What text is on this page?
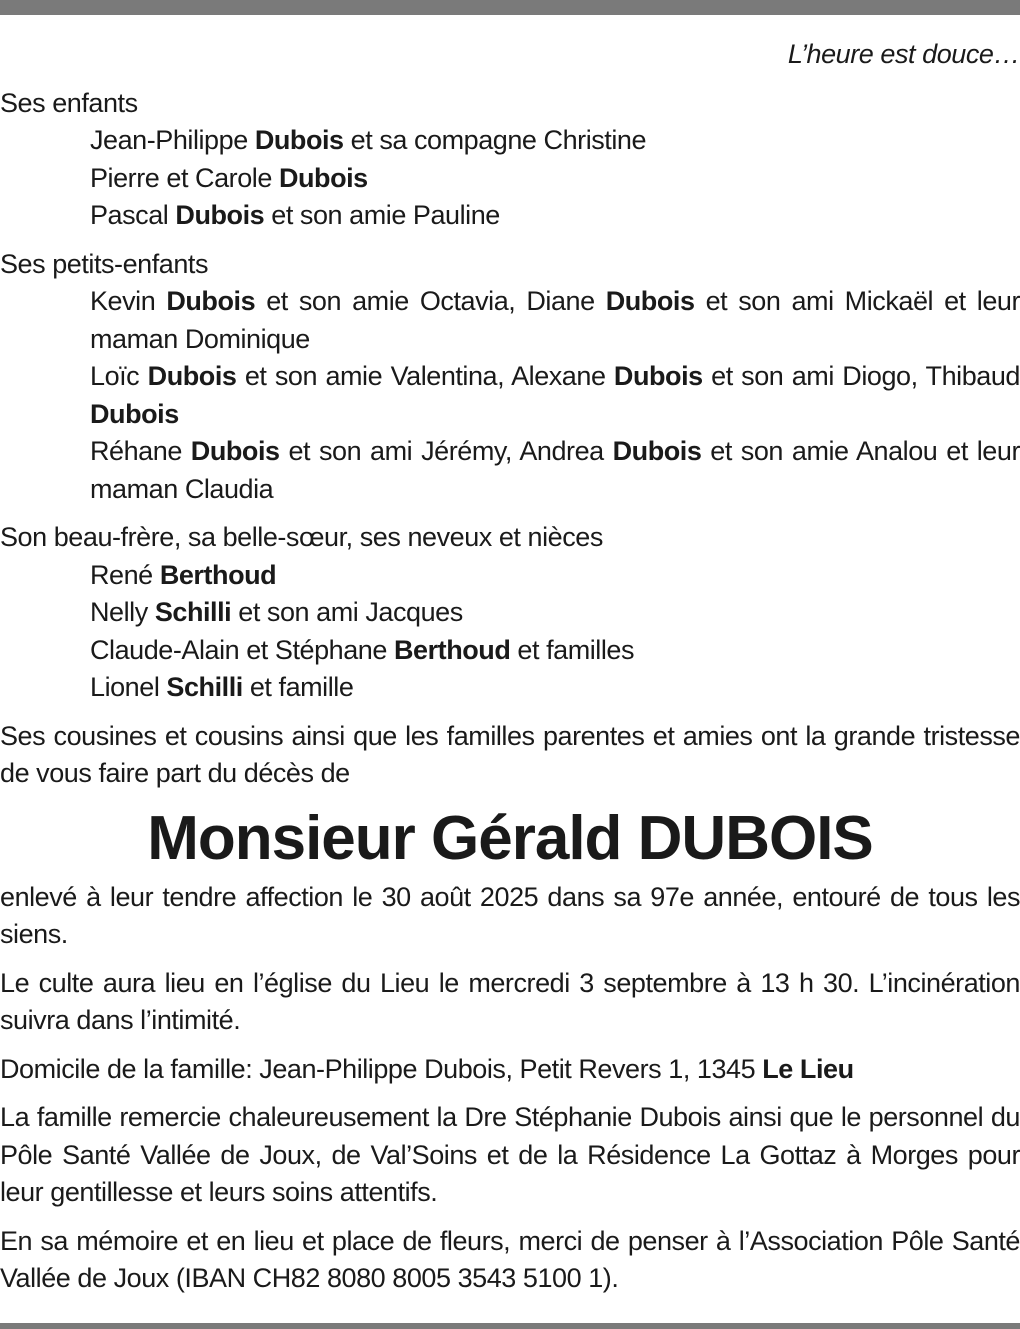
L’heure est douce…
Ses enfants
Jean-Philippe Dubois et sa compagne Christine
Pierre et Carole Dubois
Pascal Dubois et son amie Pauline
Ses petits-enfants
Kevin Dubois et son amie Octavia, Diane Dubois et son ami Mickaël et leur maman Dominique
Loïc Dubois et son amie Valentina, Alexane Dubois et son ami Diogo, Thibaud Dubois
Réhane Dubois et son ami Jérémy, Andrea Dubois et son amie Analou et leur maman Claudia
Son beau-frère, sa belle-sœur, ses neveux et nièces
René Berthoud
Nelly Schilli et son ami Jacques
Claude-Alain et Stéphane Berthoud et familles
Lionel Schilli et famille
Ses cousines et cousins ainsi que les familles parentes et amies ont la grande tristesse de vous faire part du décès de
Monsieur Gérald DUBOIS
enlevé à leur tendre affection le 30 août 2025 dans sa 97e année, entouré de tous les siens.
Le culte aura lieu en l’église du Lieu le mercredi 3 septembre à 13 h 30. L’incinération suivra dans l’intimité.
Domicile de la famille: Jean-Philippe Dubois, Petit Revers 1, 1345 Le Lieu
La famille remercie chaleureusement la Dre Stéphanie Dubois ainsi que le personnel du Pôle Santé Vallée de Joux, de Val’Soins et de la Résidence La Gottaz à Morges pour leur gentillesse et leurs soins attentifs.
En sa mémoire et en lieu et place de fleurs, merci de penser à l’Association Pôle Santé Vallée de Joux (IBAN CH82 8080 8005 3543 5100 1).
